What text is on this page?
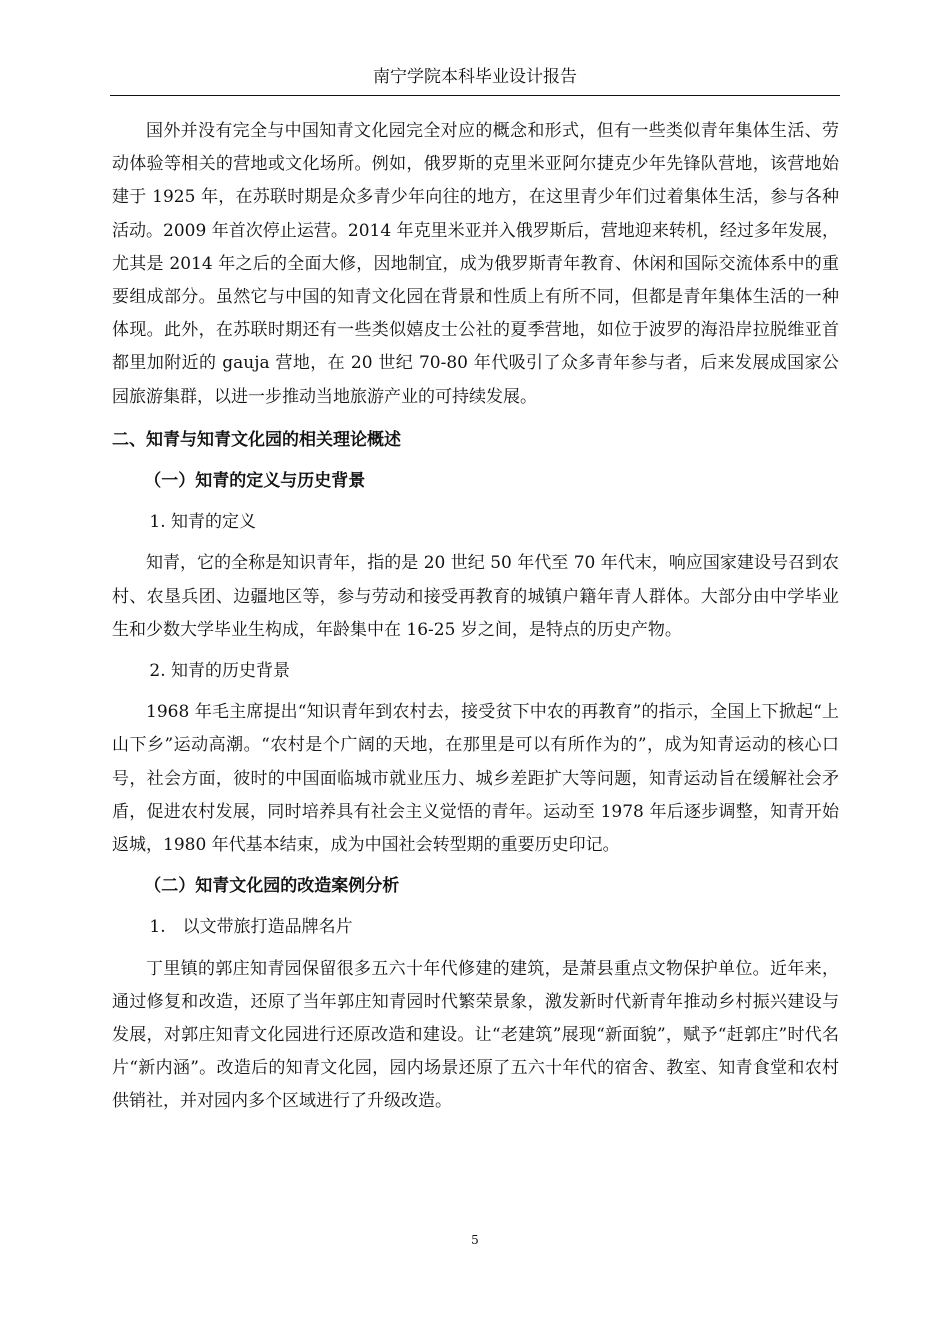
南宁学院本科毕业设计报告

国外并没有完全与中国知青文化园完全对应的概念和形式，但有一些类似青年集体生活、劳动体验等相关的营地或文化场所。例如，俄罗斯的克里米亚阿尔捷克少年先锋队营地，该营地始建于 1925 年，在苏联时期是众多青少年向往的地方，在这里青少年们过着集体生活，参与各种活动。2009 年首次停止运营。2014 年克里米亚并入俄罗斯后，营地迎来转机，经过多年发展，尤其是 2014 年之后的全面大修，因地制宜，成为俄罗斯青年教育、休闲和国际交流体系中的重要组成部分。虽然它与中国的知青文化园在背景和性质上有所不同，但都是青年集体生活的一种体现。此外，在苏联时期还有一些类似嬉皮士公社的夏季营地，如位于波罗的海沿岸拉脱维亚首都里加附近的 gauja 营地，在 20 世纪 70-80 年代吸引了众多青年参与者，后来发展成国家公园旅游集群，以进一步推动当地旅游产业的可持续发展。

二、知青与知青文化园的相关理论概述
（一）知青的定义与历史背景
1. 知青的定义

知青，它的全称是知识青年，指的是 20 世纪 50 年代至 70 年代末，响应国家建设号召到农村、农垦兵团、边疆地区等，参与劳动和接受再教育的城镇户籍年青人群体。大部分由中学毕业生和少数大学毕业生构成，年龄集中在 16-25 岁之间，是特点的历史产物。

2. 知青的历史背景

1968 年毛主席提出“知识青年到农村去，接受贫下中农的再教育”的指示，全国上下掀起“上山下乡”运动高潮。“农村是个广阔的天地，在那里是可以有所作为的”，成为知青运动的核心口号，社会方面，彼时的中国面临城市就业压力、城乡差距扩大等问题，知青运动旨在缓解社会矛盾，促进农村发展，同时培养具有社会主义觉悟的青年。运动至 1978 年后逐步调整，知青开始返城，1980 年代基本结束，成为中国社会转型期的重要历史印记。

（二）知青文化园的改造案例分析
1.　以文带旅打造品牌名片

丁里镇的郭庄知青园保留很多五六十年代修建的建筑，是萧县重点文物保护单位。近年来，通过修复和改造，还原了当年郭庄知青园时代繁荣景象，激发新时代新青年推动乡村振兴建设与发展，对郭庄知青文化园进行还原改造和建设。让“老建筑”展现“新面貌”，赋予“赶郭庄”时代名片“新内涵”。改造后的知青文化园，园内场景还原了五六十年代的宿舍、教室、知青食堂和农村供销社，并对园内多个区域进行了升级改造。

5
